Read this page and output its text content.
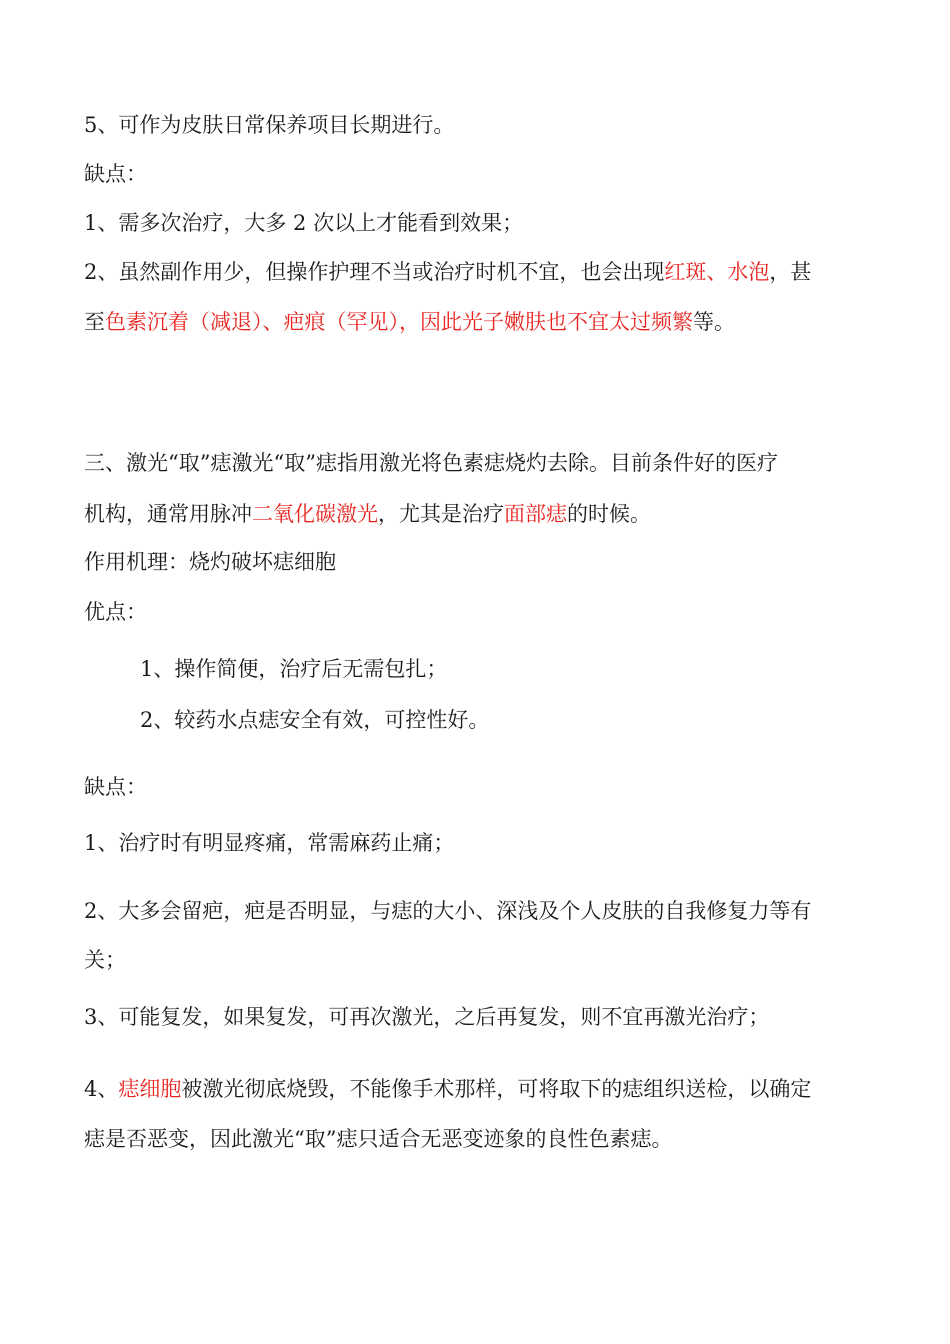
5、可作为皮肤日常保养项目长期进行。
缺点：
1、需多次治疗，大多 2 次以上才能看到效果；
2、虽然副作用少，但操作护理不当或治疗时机不宜，也会出现红斑、水泡，甚
至色素沉着（减退）、疤痕（罕见），因此光子嫩肤也不宜太过频繁等。
三、激光“取”痣激光“取”痣指用激光将色素痣烧灼去除。目前条件好的医疗
机构，通常用脉冲二氧化碳激光，尤其是治疗面部痣的时候。
作用机理：烧灼破坏痣细胞
优点：
1、操作简便，治疗后无需包扎；
2、较药水点痣安全有效，可控性好。
缺点：
1、治疗时有明显疼痛，常需麻药止痛；
2、大多会留疤，疤是否明显，与痣的大小、深浅及个人皮肤的自我修复力等有
关；
3、可能复发，如果复发，可再次激光，之后再复发，则不宜再激光治疗；
4、痣细胞被激光彻底烧毁，不能像手术那样，可将取下的痣组织送检，以确定
痣是否恶变，因此激光“取”痣只适合无恶变迹象的良性色素痣。
